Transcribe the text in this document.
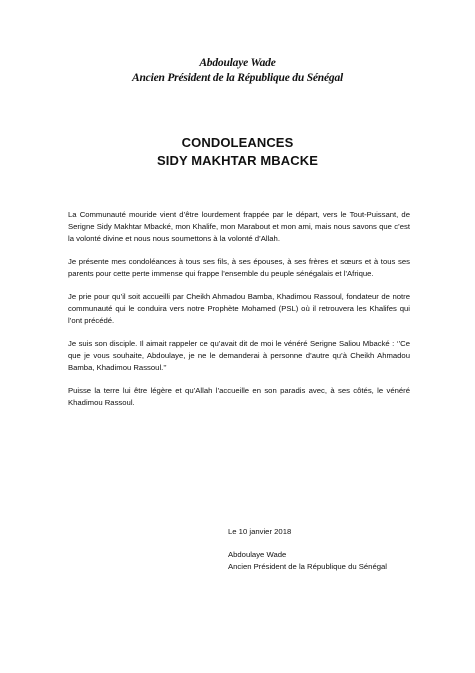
Abdoulaye Wade
Ancien Président de la République du Sénégal
CONDOLEANCES
SIDY MAKHTAR MBACKE

La Communauté mouride vient d’être lourdement frappée par le départ, vers le Tout-Puissant, de Serigne Sidy Makhtar Mbacké, mon Khalife, mon Marabout et mon ami, mais nous savons que c’est la volonté divine et nous nous soumettons à la volonté d’Allah.

Je présente mes condoléances à tous ses fils, à ses épouses, à ses frères et sœurs et à tous ses parents pour cette perte immense qui frappe l’ensemble du peuple sénégalais et l’Afrique.

Je prie pour qu’il soit accueilli par Cheikh Ahmadou Bamba, Khadimou Rassoul, fondateur de notre communauté qui le conduira vers notre Prophète Mohamed (PSL) où il retrouvera les Khalifes qui l’ont précédé.

Je suis son disciple. Il aimait rappeler ce qu’avait dit de moi le vénéré Serigne Saliou Mbacké : ‘’Ce que je vous souhaite, Abdoulaye, je ne le demanderai à personne d’autre qu’à Cheikh Ahmadou Bamba, Khadimou Rassoul.’’

Puisse la terre lui être légère et qu’Allah l’accueille en son paradis avec, à ses côtés, le vénéré Khadimou Rassoul.

Le 10 janvier 2018
Abdoulaye Wade
Ancien Président de la République du Sénégal
